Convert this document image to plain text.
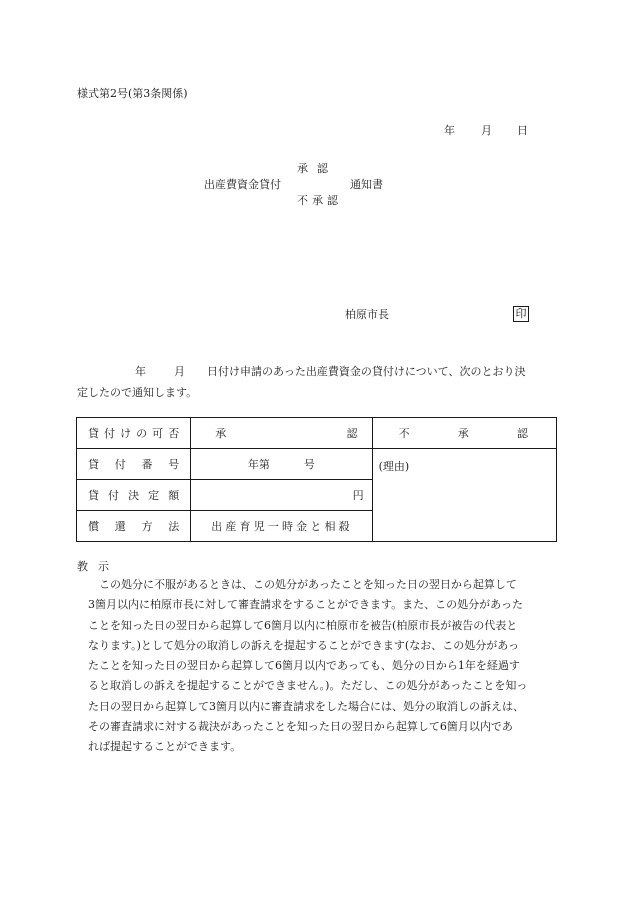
様式第2号(第3条関係)
年 月 日
承認
出産費資金貸付	通知書
不承認
柏原市長	印
年	月 日付け申請のあった出産費資金の貸付けについて、次のとおり決
定したので通知します。
貸付けの可否	承認	不承認
貸付番号	年第 号	(理由)
貸付決定額	円	
償還方法	出産育児一時金と相殺	
教示
この処分に不服があるときは、この処分があったことを知った日の翌日から起算して
3箇月以内に柏原市長に対して審査請求をすることができます。また、この処分があった
ことを知った日の翌日から起算して6箇月以内に柏原市を被告(柏原市長が被告の代表と
なります。)として処分の取消しの訴えを提起することができます(なお、この処分があっ
たことを知った日の翌日から起算して6箇月以内であっても、処分の日から1年を経過す
ると取消しの訴えを提起することができません。)。ただし、この処分があったことを知っ
た日の翌日から起算して3箇月以内に審査請求をした場合には、処分の取消しの訴えは、
その審査請求に対する裁決があったことを知った日の翌日から起算して6箇月以内であ
れば提起することができます。
